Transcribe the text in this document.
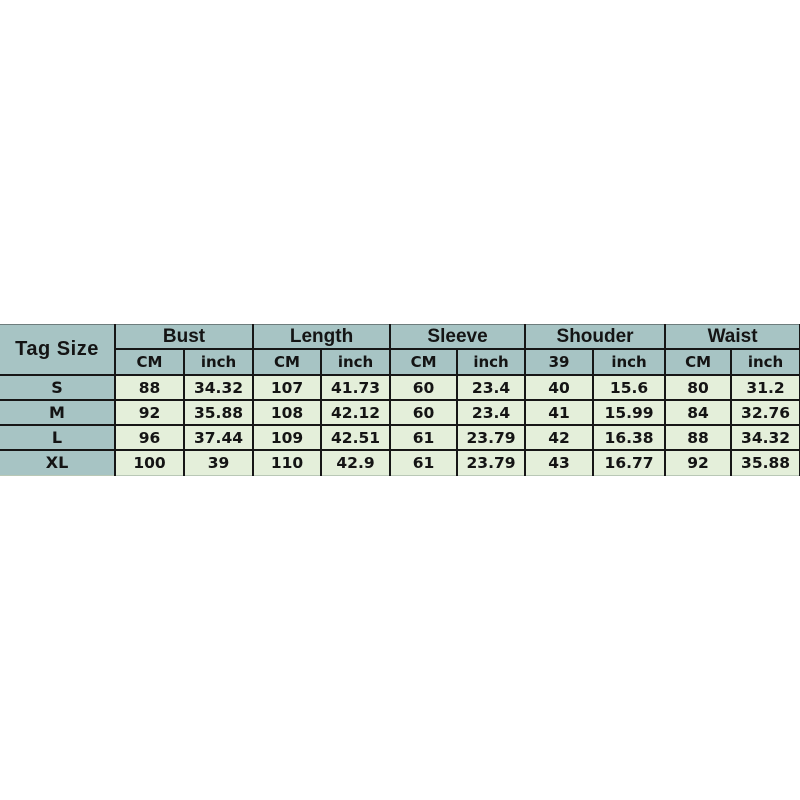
Tag Size	Bust		Length		Sleeve		Shouder		Waist	
	CM	inch	CM	inch	CM	inch	39	inch	CM	inch
S	88	34.32	107	41.73	60	23.4	40	15.6	80	31.2
M	92	35.88	108	42.12	60	23.4	41	15.99	84	32.76
L	96	37.44	109	42.51	61	23.79	42	16.38	88	34.32
XL	100	39	110	42.9	61	23.79	43	16.77	92	35.88
